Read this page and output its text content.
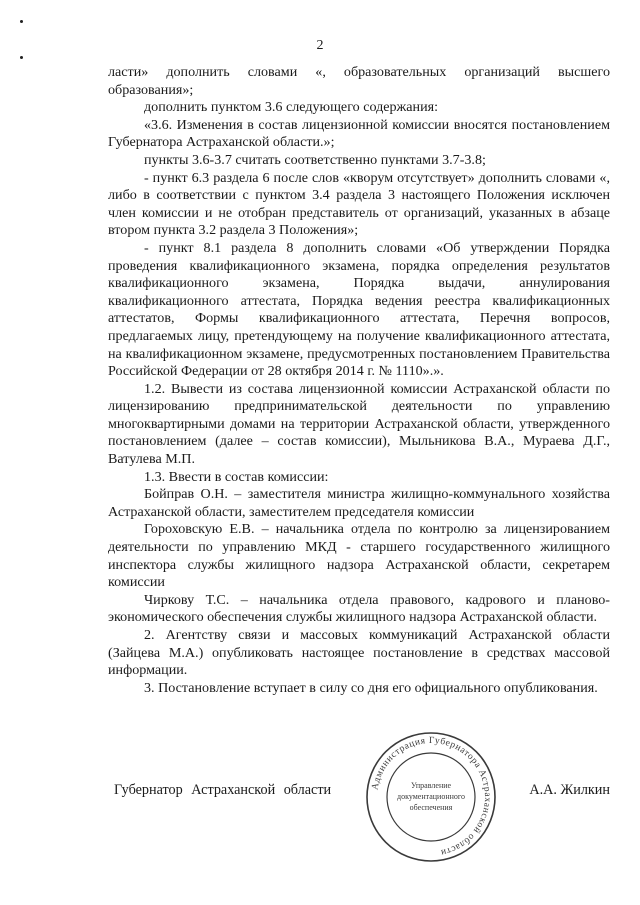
2

ласти» дополнить словами «, образовательных организаций высшего образования»;

дополнить пунктом 3.6 следующего содержания:

«3.6. Изменения в состав лицензионной комиссии вносятся постановлением Губернатора Астраханской области.»;

пункты 3.6-3.7 считать соответственно пунктами 3.7-3.8;

- пункт 6.3 раздела 6 после слов «кворум отсутствует» дополнить словами «, либо в соответствии с пунктом 3.4 раздела 3 настоящего Положения исключен член комиссии и не отобран представитель от организаций, указанных в абзаце втором пункта 3.2 раздела 3 Положения»;

- пункт 8.1 раздела 8 дополнить словами «Об утверждении Порядка проведения квалификационного экзамена, порядка определения результатов квалификационного экзамена, Порядка выдачи, аннулирования квалификационного аттестата, Порядка ведения реестра квалификационных аттестатов, Формы квалификационного аттестата, Перечня вопросов, предлагаемых лицу, претендующему на получение квалификационного аттестата, на квалификационном экзамене, предусмотренных постановлением Правительства Российской Федерации от 28 октября 2014 г. № 1110».».

1.2. Вывести из состава лицензионной комиссии Астраханской области по лицензированию предпринимательской деятельности по управлению многоквартирными домами на территории Астраханской области, утвержденного постановлением (далее – состав комиссии), Мыльникова В.А., Мураева Д.Г., Ватулева М.П.

1.3. Ввести в состав комиссии:

Бойправ О.Н. – заместителя министра жилищно-коммунального хозяйства Астраханской области, заместителем председателя комиссии

Гороховскую Е.В. – начальника отдела по контролю за лицензированием деятельности по управлению МКД - старшего государственного жилищного инспектора службы жилищного надзора Астраханской области, секретарем комиссии

Чиркову Т.С. – начальника отдела правового, кадрового и планово-экономического обеспечения службы жилищного надзора Астраханской области.

2. Агентству связи и массовых коммуникаций Астраханской области (Зайцева М.А.) опубликовать настоящее постановление в средствах массовой информации.

3. Постановление вступает в силу со дня его официального опубликования.

Администрация Губернатора Астраханской области
Управление
документационного
обеспечения
Губернатор Астраханской области	А.А. Жилкин
